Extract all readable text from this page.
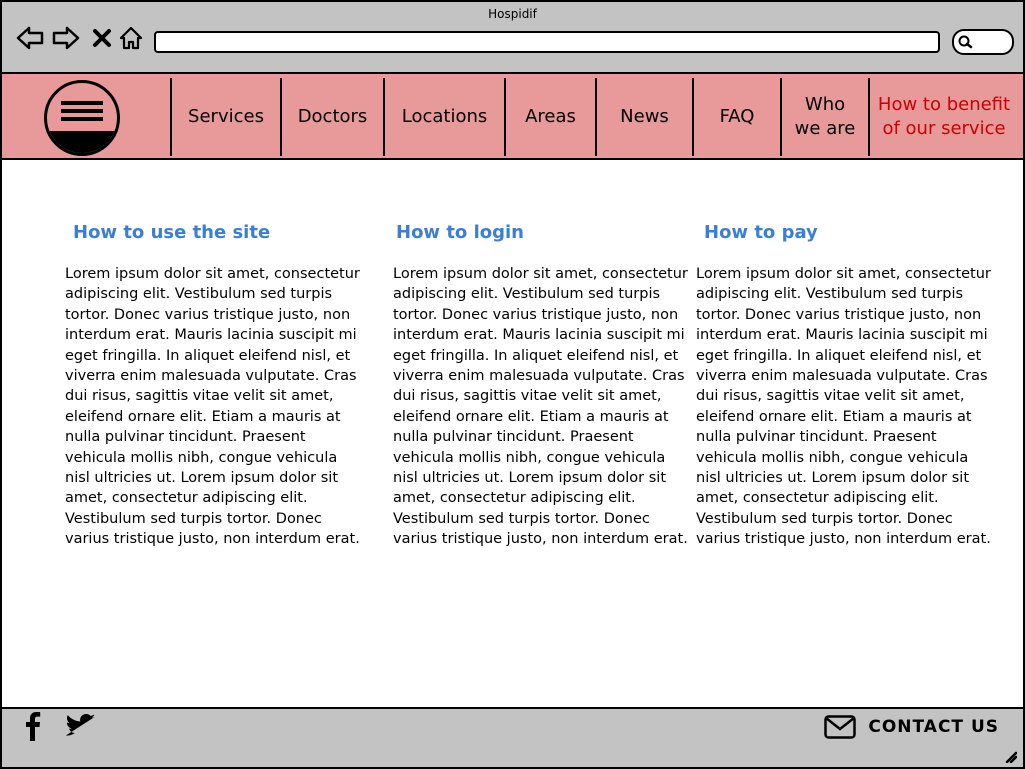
Hospidif
Services Doctors Locations Areas News	FAQ
Who we are
How to benefit of our service
How to use the site

Lorem ipsum dolor sit amet, consectetur adipiscing elit. Vestibulum sed turpis tortor. Donec varius tristique justo, non interdum erat. Mauris lacinia suscipit mi eget fringilla. In aliquet eleifend nisl, et viverra enim malesuada vulputate. Cras dui risus, sagittis vitae velit sit amet, eleifend ornare elit. Etiam a mauris at nulla pulvinar tincidunt. Praesent vehicula mollis nibh, congue vehicula nisl ultricies ut. Lorem ipsum dolor sit amet, consectetur adipiscing elit. Vestibulum sed turpis tortor. Donec varius tristique justo, non interdum erat.

How to login

Lorem ipsum dolor sit amet, consectetur adipiscing elit. Vestibulum sed turpis tortor. Donec varius tristique justo, non interdum erat. Mauris lacinia suscipit mi eget fringilla. In aliquet eleifend nisl, et viverra enim malesuada vulputate. Cras dui risus, sagittis vitae velit sit amet, eleifend ornare elit. Etiam a mauris at nulla pulvinar tincidunt. Praesent vehicula mollis nibh, congue vehicula nisl ultricies ut. Lorem ipsum dolor sit amet, consectetur adipiscing elit. Vestibulum sed turpis tortor. Donec varius tristique justo, non interdum erat.

How to pay

Lorem ipsum dolor sit amet, consectetur adipiscing elit. Vestibulum sed turpis tortor. Donec varius tristique justo, non interdum erat. Mauris lacinia suscipit mi eget fringilla. In aliquet eleifend nisl, et viverra enim malesuada vulputate. Cras dui risus, sagittis vitae velit sit amet, eleifend ornare elit. Etiam a mauris at nulla pulvinar tincidunt. Praesent vehicula mollis nibh, congue vehicula nisl ultricies ut. Lorem ipsum dolor sit amet, consectetur adipiscing elit. Vestibulum sed turpis tortor. Donec varius tristique justo, non interdum erat.

CONTACT US
